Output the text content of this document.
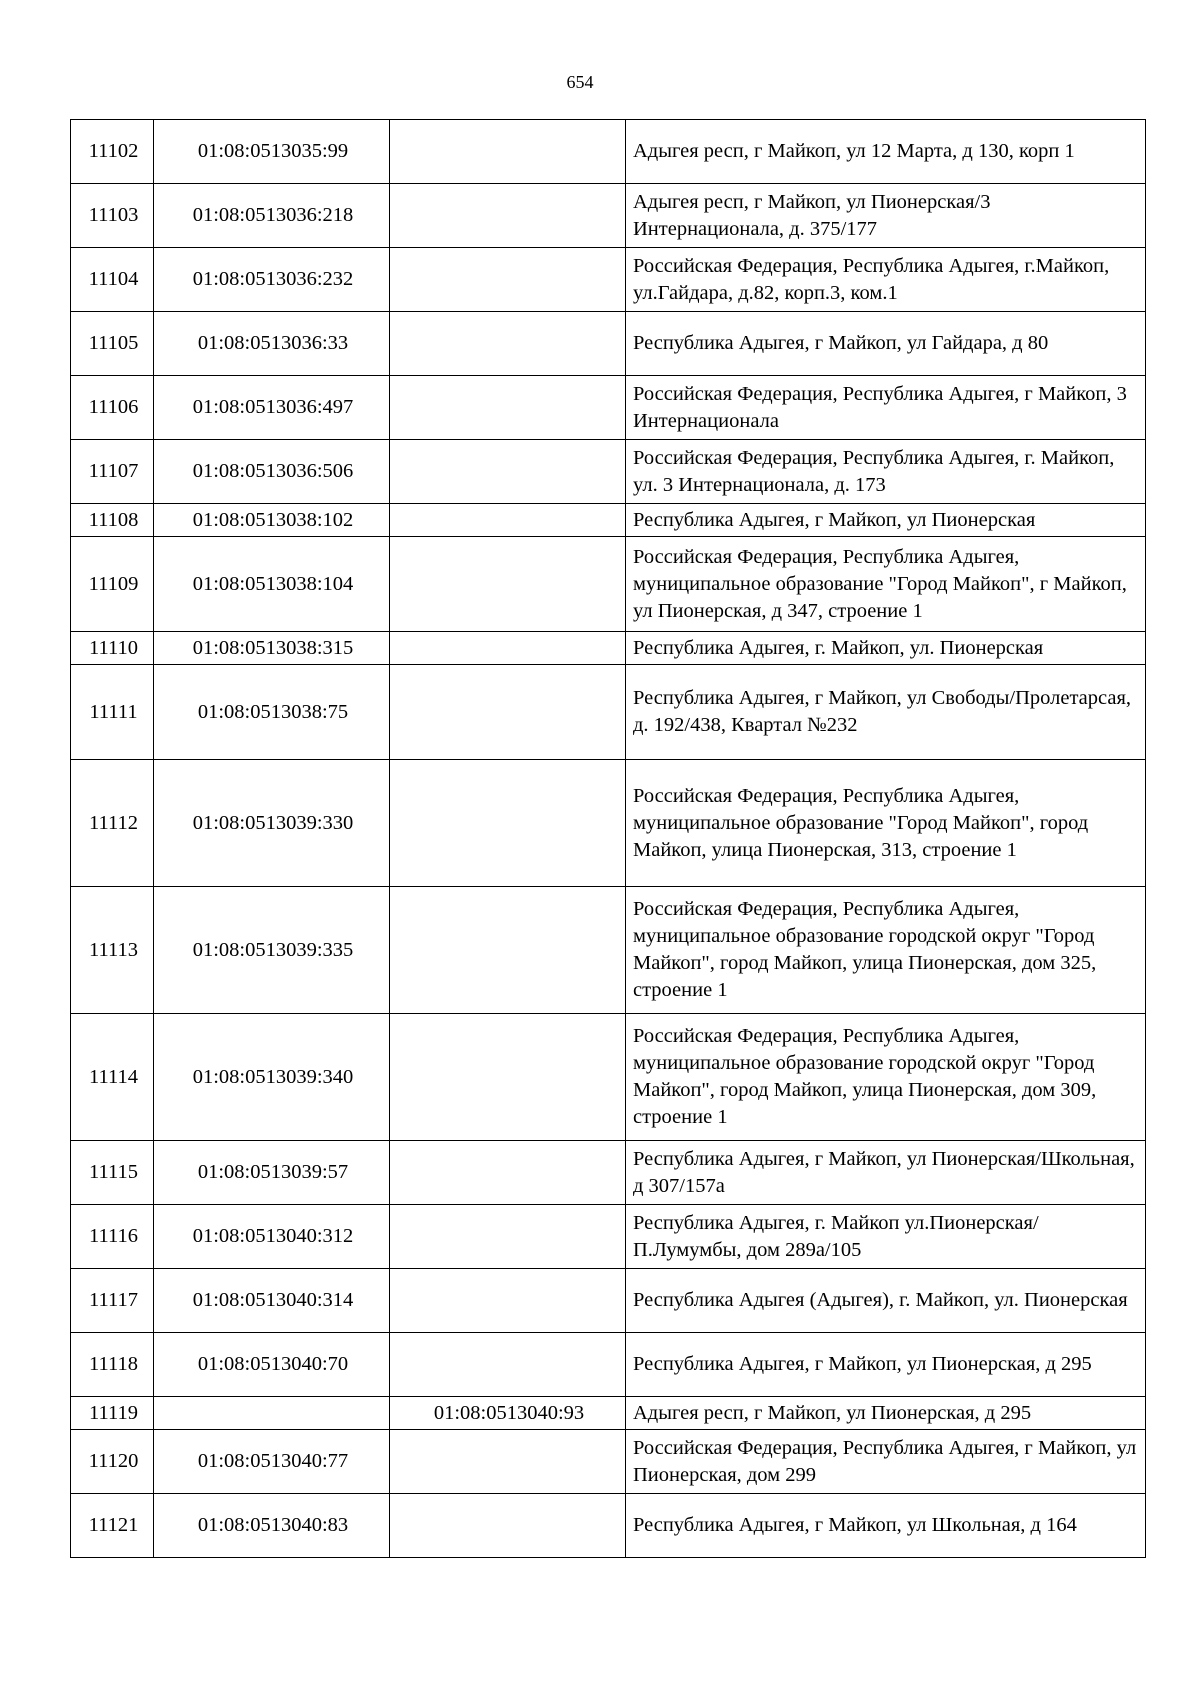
654
11102	01:08:0513035:99		Адыгея респ, г Майкоп, ул 12 Марта, д 130, корп 1
11103	01:08:0513036:218		Адыгея респ, г Майкоп, ул Пионерская/3 Интернационала, д. 375/177
11104	01:08:0513036:232		Российская Федерация, Республика Адыгея, г.Майкоп, ул.Гайдара, д.82, корп.3, ком.1
11105	01:08:0513036:33		Республика Адыгея, г Майкоп, ул Гайдара, д 80
11106	01:08:0513036:497		Российская Федерация, Республика Адыгея, г Майкоп, 3 Интернационала
11107	01:08:0513036:506		Российская Федерация, Республика Адыгея, г. Майкоп, ул. 3 Интернационала, д. 173
11108	01:08:0513038:102		Республика Адыгея, г Майкоп, ул Пионерская
11109	01:08:0513038:104		Российская Федерация, Республика Адыгея, муниципальное образование "Город Майкоп", г Майкоп, ул Пионерская, д 347, строение 1
11110	01:08:0513038:315		Республика Адыгея, г. Майкоп, ул. Пионерская
11111	01:08:0513038:75		Республика Адыгея, г Майкоп, ул Свободы/Пролетарсая, д. 192/438, Квартал №232
11112	01:08:0513039:330		Российская Федерация, Республика Адыгея, муниципальное образование "Город Майкоп", город Майкоп, улица Пионерская, 313, строение 1
11113	01:08:0513039:335		Российская Федерация, Республика Адыгея, муниципальное образование городской округ "Город Майкоп", город Майкоп, улица Пионерская, дом 325, строение 1
11114	01:08:0513039:340		Российская Федерация, Республика Адыгея, муниципальное образование городской округ "Город Майкоп", город Майкоп, улица Пионерская, дом 309, строение 1
11115	01:08:0513039:57		Республика Адыгея, г Майкоп, ул Пионерская/Школьная, д 307/157а
11116	01:08:0513040:312		Республика Адыгея, г. Майкоп ул.Пионерская/П.Лумумбы, дом 289а/105
11117	01:08:0513040:314		Республика Адыгея (Адыгея), г. Майкоп, ул. Пионерская
11118	01:08:0513040:70		Республика Адыгея, г Майкоп, ул Пионерская, д 295
11119		01:08:0513040:93	Адыгея респ, г Майкоп, ул Пионерская, д 295
11120	01:08:0513040:77		Российская Федерация, Республика Адыгея, г Майкоп, ул Пионерская, дом 299
11121	01:08:0513040:83		Республика Адыгея, г Майкоп, ул Школьная, д 164
